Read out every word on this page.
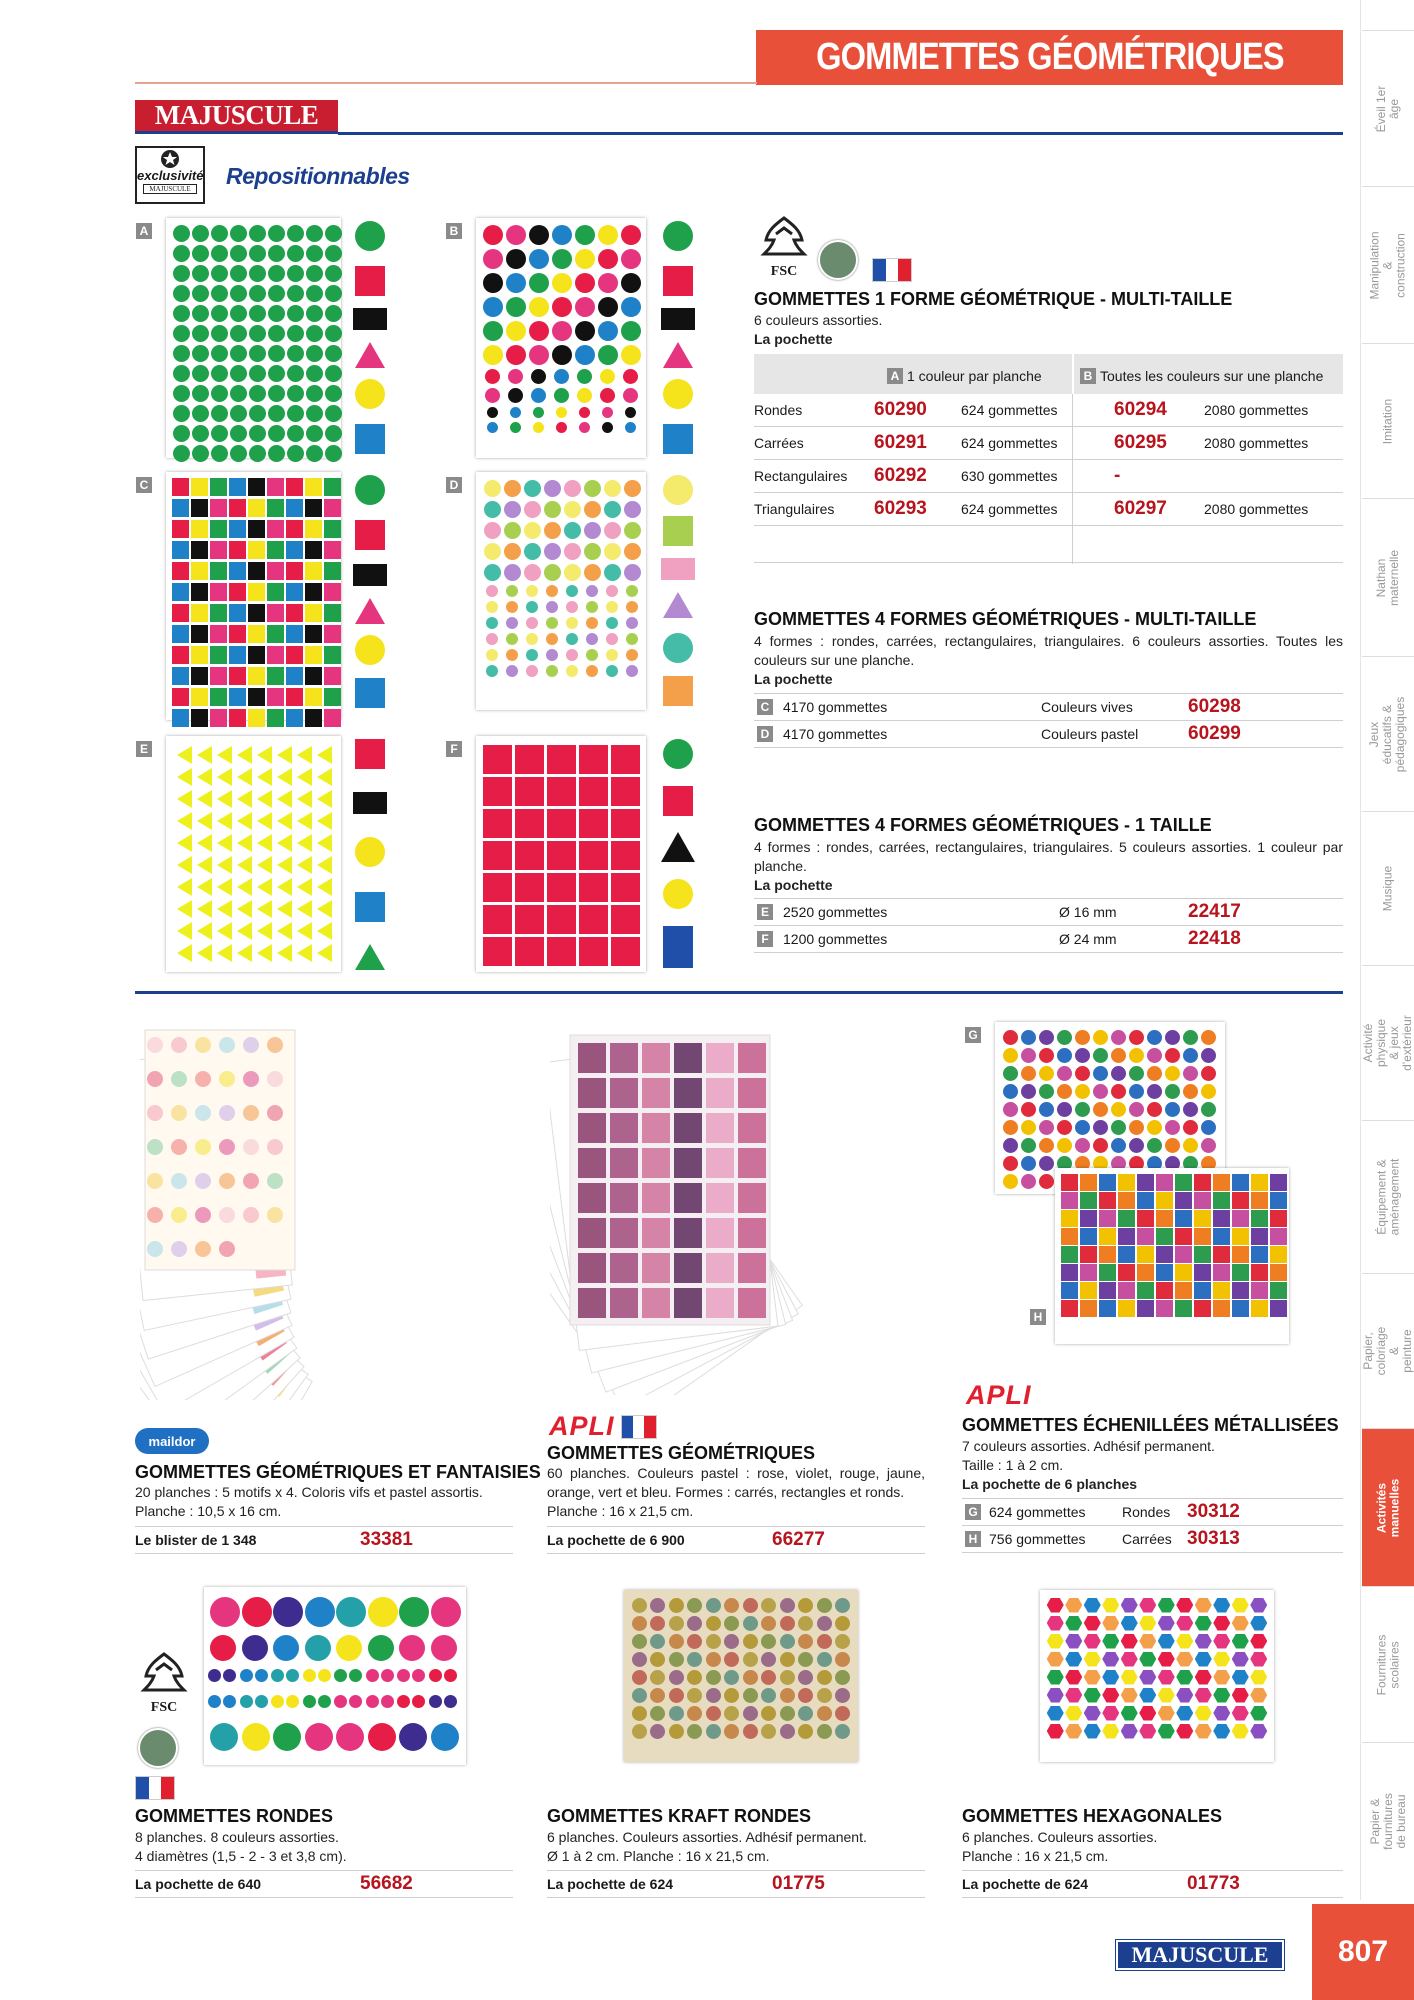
GOMMETTES GÉOMÉTRIQUES
MAJUSCULE
exclusivité
MAJUSCULE Repositionnables
A	B
C	D
E	F
FSC
GOMMETTES 1 FORME GÉOMÉTRIQUE - MULTI-TAILLE
6 couleurs assorties.
La pochette
A 1 couleur par planche	B Toutes les couleurs sur une planche
Rondes	60290 624 gommettes	60294	2080 gommettes
Carrées	60291 624 gommettes	60295	2080 gommettes
Rectangulaires 60292 630 gommettes	-
Triangulaires 60293 624 gommettes	60297	2080 gommettes
GOMMETTES 4 FORMES GÉOMÉTRIQUES - MULTI-TAILLE
4 formes : rondes, carrées, rectangulaires, triangulaires. 6 couleurs assorties. Toutes les couleurs sur une planche.
La pochette
C 4170 gommettes	Couleurs vives	60298
D 4170 gommettes	Couleurs pastel	60299
GOMMETTES 4 FORMES GÉOMÉTRIQUES - 1 TAILLE
4 formes : rondes, carrées, rectangulaires, triangulaires. 5 couleurs assorties. 1 couleur par planche.
La pochette
E 2520 gommettes	Ø 16 mm	22417
F	1200 gommettes	Ø 24 mm	22418
G
H
maildor
GOMMETTES GÉOMÉTRIQUES ET FANTAISIES
20 planches : 5 motifs x 4. Coloris vifs et pastel assortis.
Planche : 10,5 x 16 cm.
Le blister de 1 348	33381
APLI
GOMMETTES GÉOMÉTRIQUES
60 planches. Couleurs pastel : rose, violet, rouge, jaune,
orange, vert et bleu. Formes : carrés, rectangles et ronds.
Planche : 16 x 21,5 cm.
La pochette de 6 900	66277
APLI
GOMMETTES ÉCHENILLÉES MÉTALLISÉES
7 couleurs assorties. Adhésif permanent.
Taille : 1 à 2 cm.
La pochette de 6 planches
G 624 gommettes	Rondes 30312
H 756 gommettes	Carrées 30313
FSC
GOMMETTES RONDES
8 planches. 8 couleurs assorties.
4 diamètres (1,5 - 2 - 3 et 3,8 cm).
La pochette de 640	56682
GOMMETTES KRAFT RONDES
6 planches. Couleurs assorties. Adhésif permanent.
Ø 1 à 2 cm. Planche : 16 x 21,5 cm.
La pochette de 624	01775
GOMMETTES HEXAGONALES
6 planches. Couleurs assorties.
Planche : 16 x 21,5 cm.
La pochette de 624	01773
Éveil 1er âge
Manipulation & construction
Imitation
Nathan maternelle
Jeux éducatifs & pédagogiques
Musique
Activité physique & jeux d'extérieur
Équipement & aménagement
Papier, coloriage & peinture
Activités manuelles
Fournitures scolaires
Papier & fournitures de bureau
MAJUSCULE 807
